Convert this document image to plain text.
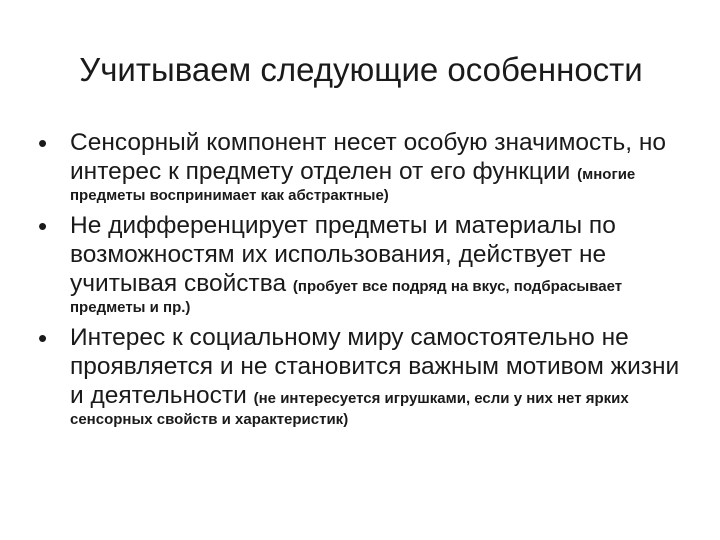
Учитываем следующие особенности
• Сенсорный компонент несет особую значимость, но интерес к предмету отделен от его функции (многие предметы воспринимает как абстрактные)
• Не дифференцирует предметы и материалы по возможностям их использования, действует не учитывая свойства (пробует все подряд на вкус, подбрасывает предметы и пр.)
• Интерес к социальному миру самостоятельно не проявляется и не становится важным мотивом жизни и деятельности (не интересуется игрушками, если у них нет ярких сенсорных свойств и характеристик)
